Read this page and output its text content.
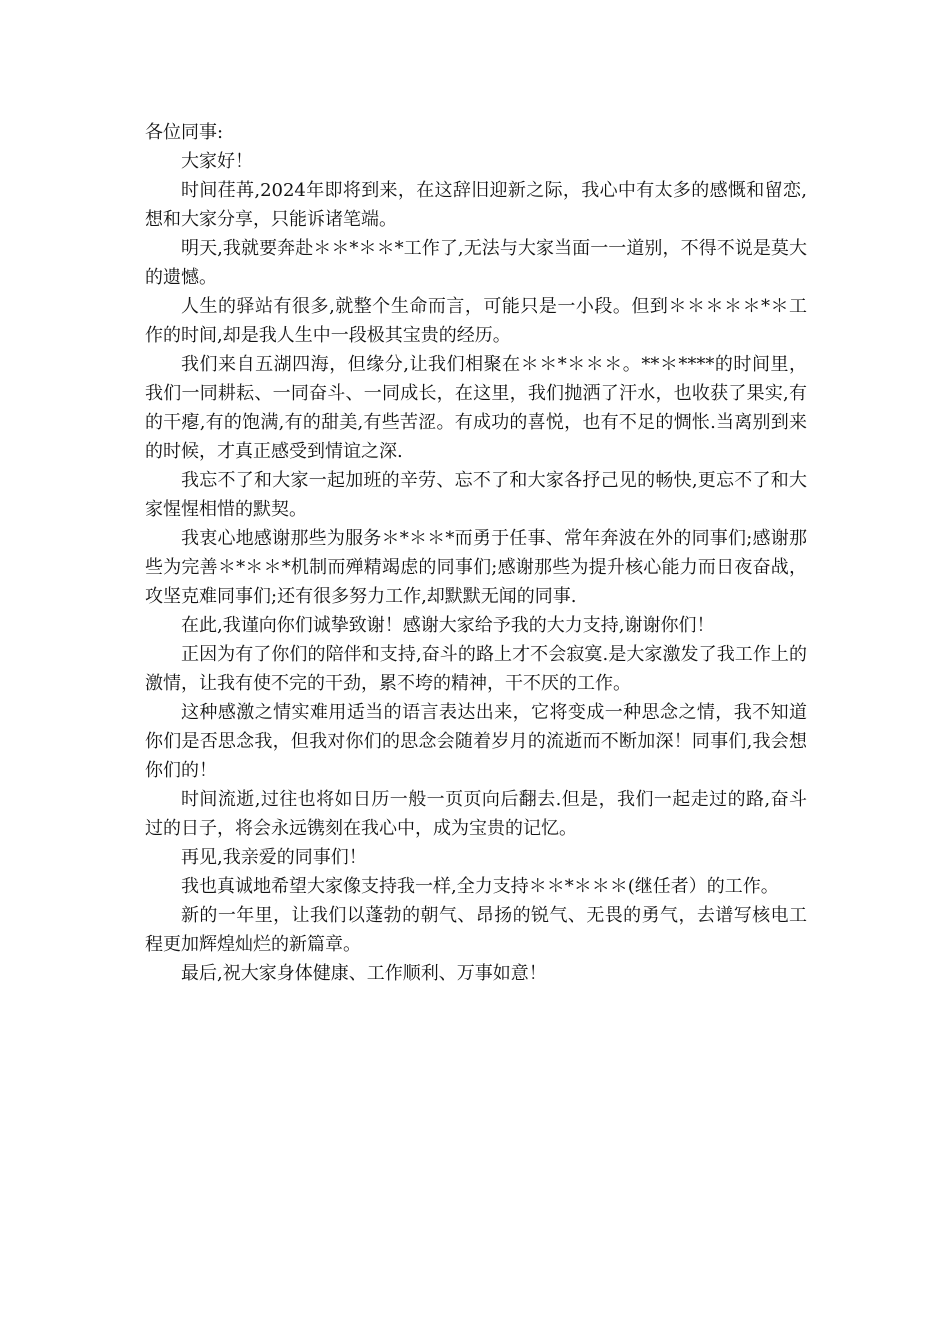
各位同事:

大家好！

时间荏苒,2024年即将到来，在这辞旧迎新之际，我心中有太多的感慨和留恋,想和大家分享，只能诉诸笔端。

明天,我就要奔赴＊＊*＊＊*工作了,无法与大家当面一一道别，不得不说是莫大的遗憾。

人生的驿站有很多,就整个生命而言，可能只是一小段。但到＊＊＊＊＊*＊工作的时间,却是我人生中一段极其宝贵的经历。

我们来自五湖四海，但缘分,让我们相聚在＊＊*＊＊＊。**＊****的时间里，我们一同耕耘、一同奋斗、一同成长，在这里，我们抛洒了汗水，也收获了果实,有的干瘪,有的饱满,有的甜美,有些苦涩。有成功的喜悦，也有不足的惆怅.当离别到来的时候，才真正感受到情谊之深.

我忘不了和大家一起加班的辛劳、忘不了和大家各抒己见的畅快,更忘不了和大家惺惺相惜的默契。

我衷心地感谢那些为服务＊*＊＊*而勇于任事、常年奔波在外的同事们;感谢那些为完善＊*＊＊*机制而殚精竭虑的同事们;感谢那些为提升核心能力而日夜奋战，攻坚克难同事们;还有很多努力工作,却默默无闻的同事.

在此,我谨向你们诚挚致谢！感谢大家给予我的大力支持,谢谢你们！

正因为有了你们的陪伴和支持,奋斗的路上才不会寂寞.是大家激发了我工作上的激情，让我有使不完的干劲，累不垮的精神，干不厌的工作。

这种感激之情实难用适当的语言表达出来，它将变成一种思念之情，我不知道你们是否思念我，但我对你们的思念会随着岁月的流逝而不断加深！同事们,我会想你们的！

时间流逝,过往也将如日历一般一页页向后翻去.但是，我们一起走过的路,奋斗过的日子，将会永远镌刻在我心中，成为宝贵的记忆。

再见,我亲爱的同事们！

我也真诚地希望大家像支持我一样,全力支持＊＊*＊＊＊(继任者）的工作。

新的一年里，让我们以蓬勃的朝气、昂扬的锐气、无畏的勇气，去谱写核电工程更加辉煌灿烂的新篇章。

最后,祝大家身体健康、工作顺利、万事如意！
